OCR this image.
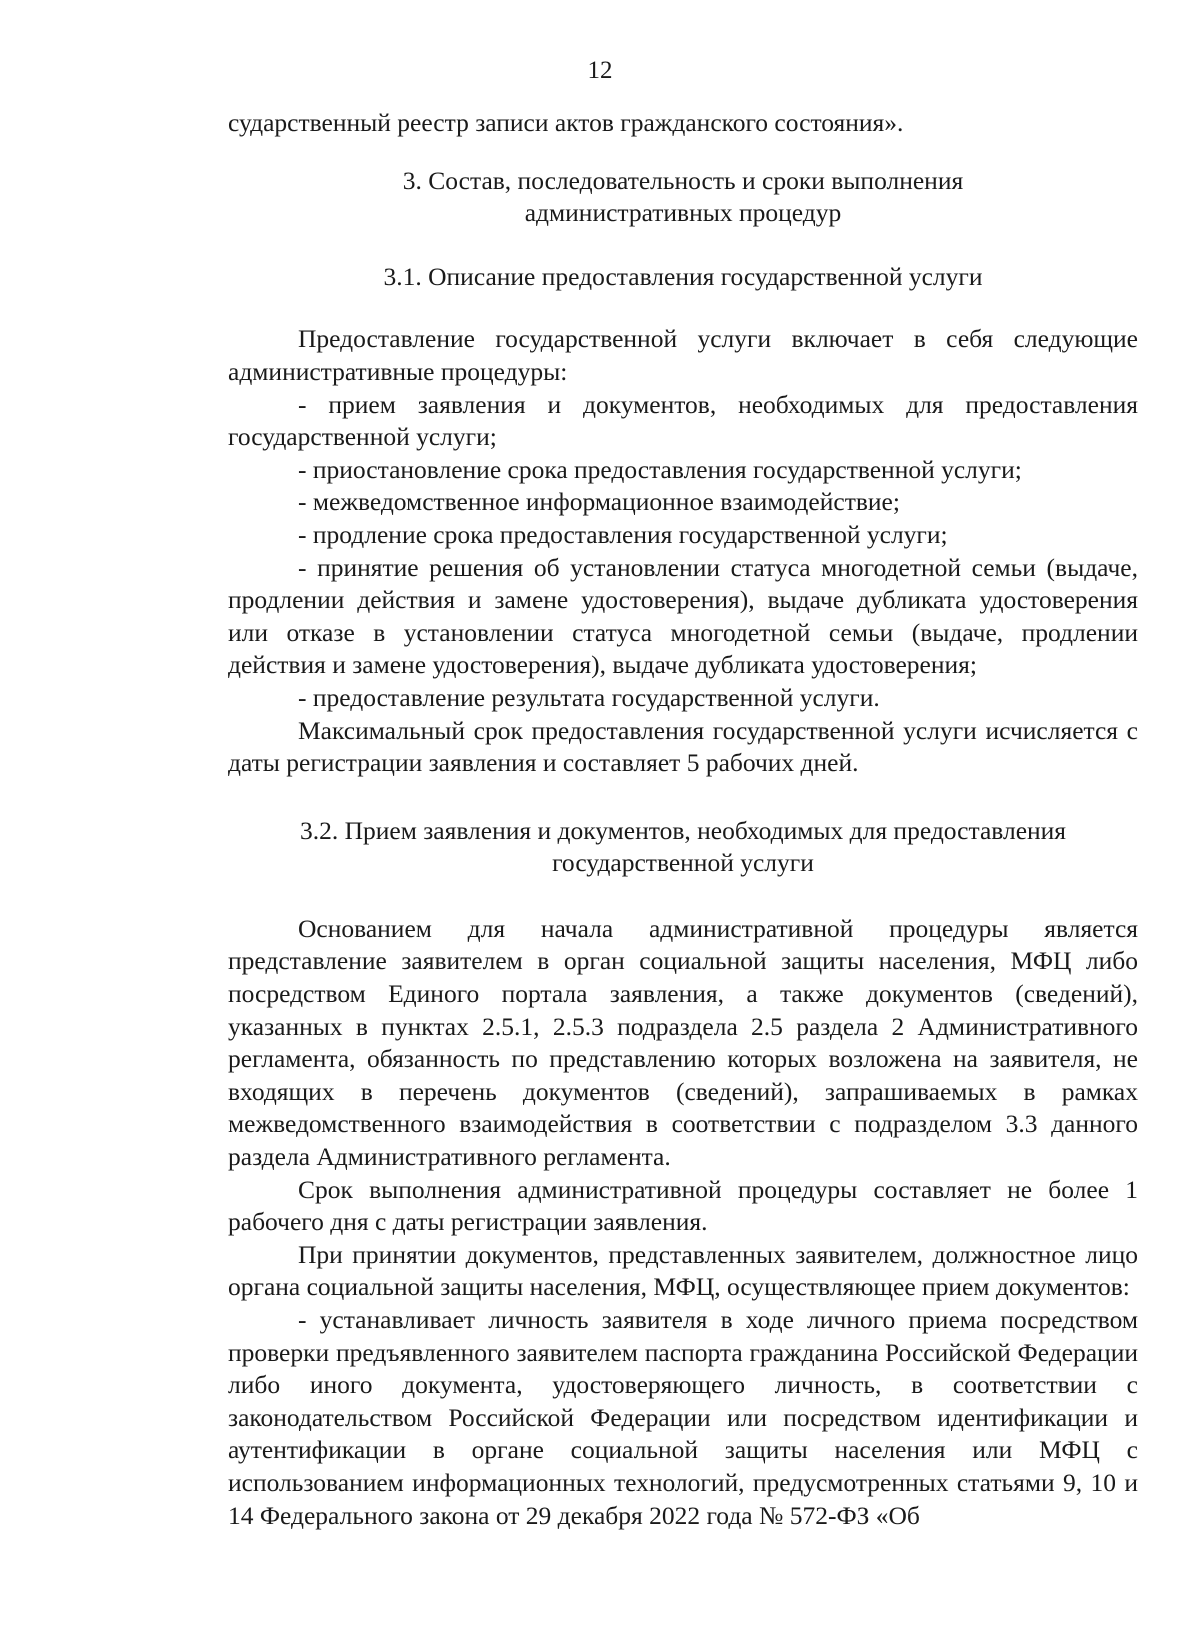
12

сударственный реестр записи актов гражданского состояния».

3. Состав, последовательность и сроки выполнения
административных процедур
3.1. Описание предоставления государственной услуги

Предоставление государственной услуги включает в себя следующие административные процедуры:

- прием заявления и документов, необходимых для предоставления государственной услуги;

- приостановление срока предоставления государственной услуги;

- межведомственное информационное взаимодействие;

- продление срока предоставления государственной услуги;

- принятие решения об установлении статуса многодетной семьи (выдаче, продлении действия и замене удостоверения), выдаче дубликата удостоверения или отказе в установлении статуса многодетной семьи (выдаче, продлении действия и замене удостоверения), выдаче дубликата удостоверения;

- предоставление результата государственной услуги.

Максимальный срок предоставления государственной услуги исчисляется с даты регистрации заявления и составляет 5 рабочих дней.

3.2. Прием заявления и документов, необходимых для предоставления
государственной услуги

Основанием для начала административной процедуры является представление заявителем в орган социальной защиты населения, МФЦ либо посредством Единого портала заявления, а также документов (сведений), указанных в пунктах 2.5.1, 2.5.3 подраздела 2.5 раздела 2 Административного регламента, обязанность по представлению которых возложена на заявителя, не входящих в перечень документов (сведений), запрашиваемых в рамках межведомственного взаимодействия в соответствии с подразделом 3.3 данного раздела Административного регламента.

Срок выполнения административной процедуры составляет не более 1 рабочего дня с даты регистрации заявления.

При принятии документов, представленных заявителем, должностное лицо органа социальной защиты населения, МФЦ, осуществляющее прием документов:

- устанавливает личность заявителя в ходе личного приема посредством проверки предъявленного заявителем паспорта гражданина Российской Федерации либо иного документа, удостоверяющего личность, в соответствии с законодательством Российской Федерации или посредством идентификации и аутентификации в органе социальной защиты населения или МФЦ с использованием информационных технологий, предусмотренных статьями 9, 10 и 14 Федерального закона от 29 декабря 2022 года № 572-ФЗ «Об
